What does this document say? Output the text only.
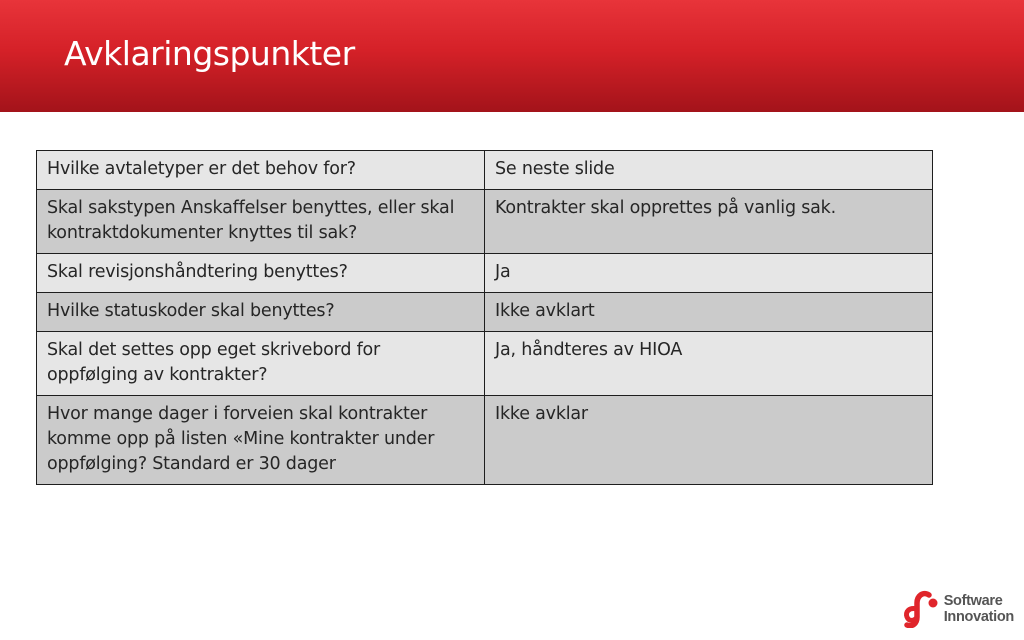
Avklaringspunkter
Hvilke avtaletyper er det behov for?	Se neste slide
Skal sakstypen Anskaffelser benyttes, eller skal kontraktdokumenter knyttes til sak?	Kontrakter skal opprettes på vanlig sak.
Skal revisjonshåndtering benyttes?	Ja
Hvilke statuskoder skal benyttes?	Ikke avklart
Skal det settes opp eget skrivebord for oppfølging av kontrakter?	Ja, håndteres av HIOA
Hvor mange dager i forveien skal kontrakter komme opp på listen «Mine kontrakter under oppfølging? Standard er 30 dager	Ikke avklar
Software
Innovation
